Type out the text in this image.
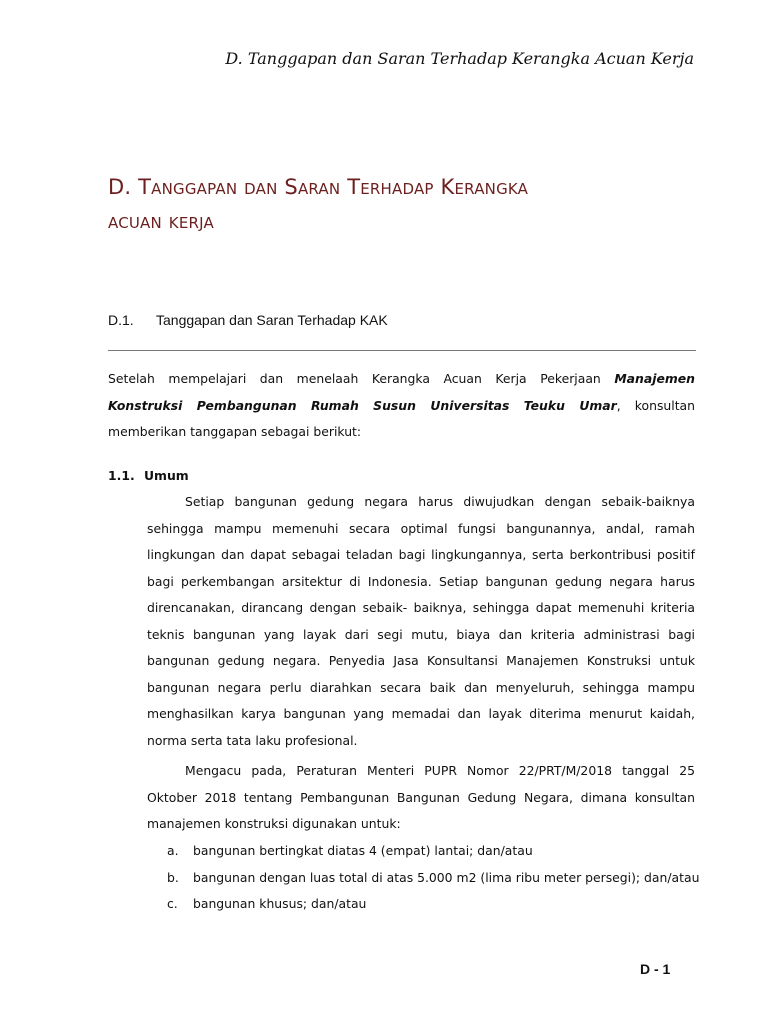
D. Tanggapan dan Saran Terhadap Kerangka Acuan Kerja
D. Tanggapan dan Saran Terhadap Kerangka
acuan kerja
D.1. Tanggapan dan Saran Terhadap KAK

Setelah mempelajari dan menelaah Kerangka Acuan Kerja Pekerjaan Manajemen Konstruksi Pembangunan Rumah Susun Universitas Teuku Umar, konsultan memberikan tanggapan sebagai berikut:

1.1. Umum

Setiap bangunan gedung negara harus diwujudkan dengan sebaik-baiknya sehingga mampu memenuhi secara optimal fungsi bangunannya, andal, ramah lingkungan dan dapat sebagai teladan bagi lingkungannya, serta berkontribusi positif bagi perkembangan arsitektur di Indonesia. Setiap bangunan gedung negara harus direncanakan, dirancang dengan sebaik- baiknya, sehingga dapat memenuhi kriteria teknis bangunan yang layak dari segi mutu, biaya dan kriteria administrasi bagi bangunan gedung negara. Penyedia Jasa Konsultansi Manajemen Konstruksi untuk bangunan negara perlu diarahkan secara baik dan menyeluruh, sehingga mampu menghasilkan karya bangunan yang memadai dan layak diterima menurut kaidah, norma serta tata laku profesional.

Mengacu pada, Peraturan Menteri PUPR Nomor 22/PRT/M/2018 tanggal 25 Oktober 2018 tentang Pembangunan Bangunan Gedung Negara, dimana konsultan manajemen konstruksi digunakan untuk:

a. bangunan bertingkat diatas 4 (empat) lantai; dan/atau
b. bangunan dengan luas total di atas 5.000 m2 (lima ribu meter persegi); dan/atau
c. bangunan khusus; dan/atau
D - 1
